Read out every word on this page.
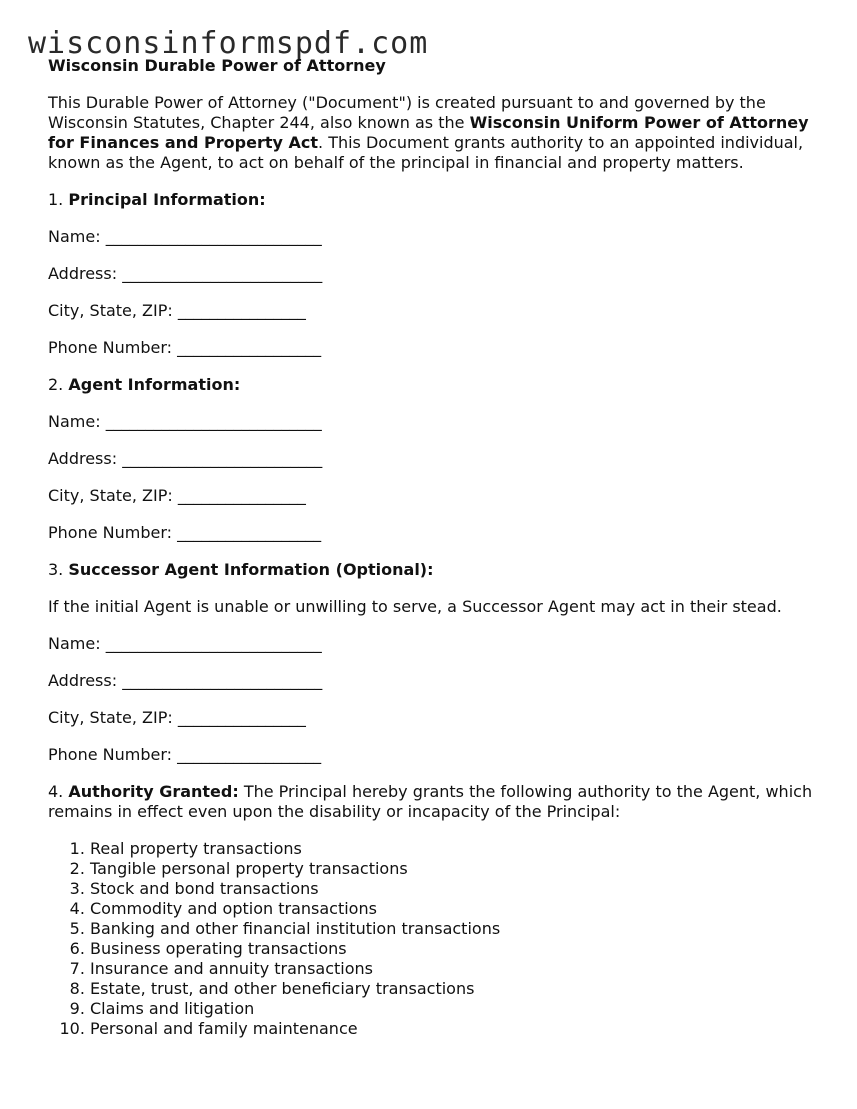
wisconsinformspdf.com

Wisconsin Durable Power of Attorney

This Durable Power of Attorney ("Document") is created pursuant to and governed by the Wisconsin Statutes, Chapter 244, also known as the Wisconsin Uniform Power of Attorney for Finances and Property Act. This Document grants authority to an appointed individual, known as the Agent, to act on behalf of the principal in financial and property matters.

1. Principal Information:

Name: ___________________________

Address: _________________________

City, State, ZIP: ________________

Phone Number: __________________

2. Agent Information:

Name: ___________________________

Address: _________________________

City, State, ZIP: ________________

Phone Number: __________________

3. Successor Agent Information (Optional):

If the initial Agent is unable or unwilling to serve, a Successor Agent may act in their stead.

Name: ___________________________

Address: _________________________

City, State, ZIP: ________________

Phone Number: __________________

4. Authority Granted: The Principal hereby grants the following authority to the Agent, which remains in effect even upon the disability or incapacity of the Principal:

1. Real property transactions
2. Tangible personal property transactions
3. Stock and bond transactions
4. Commodity and option transactions
5. Banking and other financial institution transactions
6. Business operating transactions
7. Insurance and annuity transactions
8. Estate, trust, and other beneficiary transactions
9. Claims and litigation
10. Personal and family maintenance
